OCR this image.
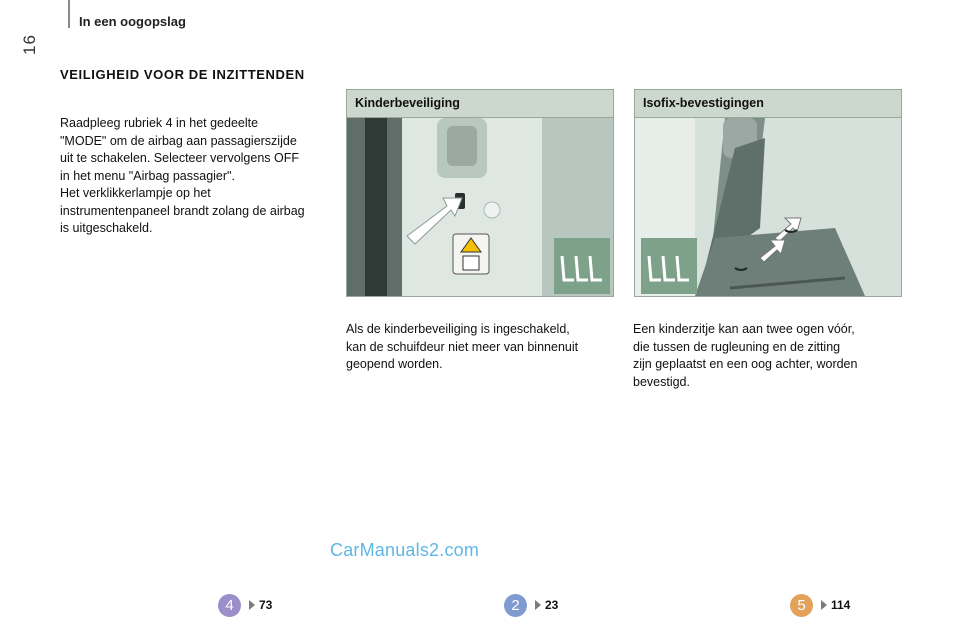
In een oogopslag
16
VEILIGHEID VOOR DE INZITTENDEN

Raadpleeg rubriek 4 in het gedeelte

"MODE" om de airbag aan passagierszijde

uit te schakelen. Selecteer vervolgens OFF

in het menu "Airbag passagier".

Het verklikkerlampje op het

instrumentenpaneel brandt zolang de airbag

is uitgeschakeld.

Kinderbeveiliging	Isofix-bevestigingen

Als de kinderbeveiliging is ingeschakeld,

kan de schuifdeur niet meer van binnenuit

geopend worden.

Een kinderzitje kan aan twee ogen vóór,

die tussen de rugleuning en de zitting

zijn geplaatst en een oog achter, worden

bevestigd.

CarManuals2.com
4	73	2	23	5	114
